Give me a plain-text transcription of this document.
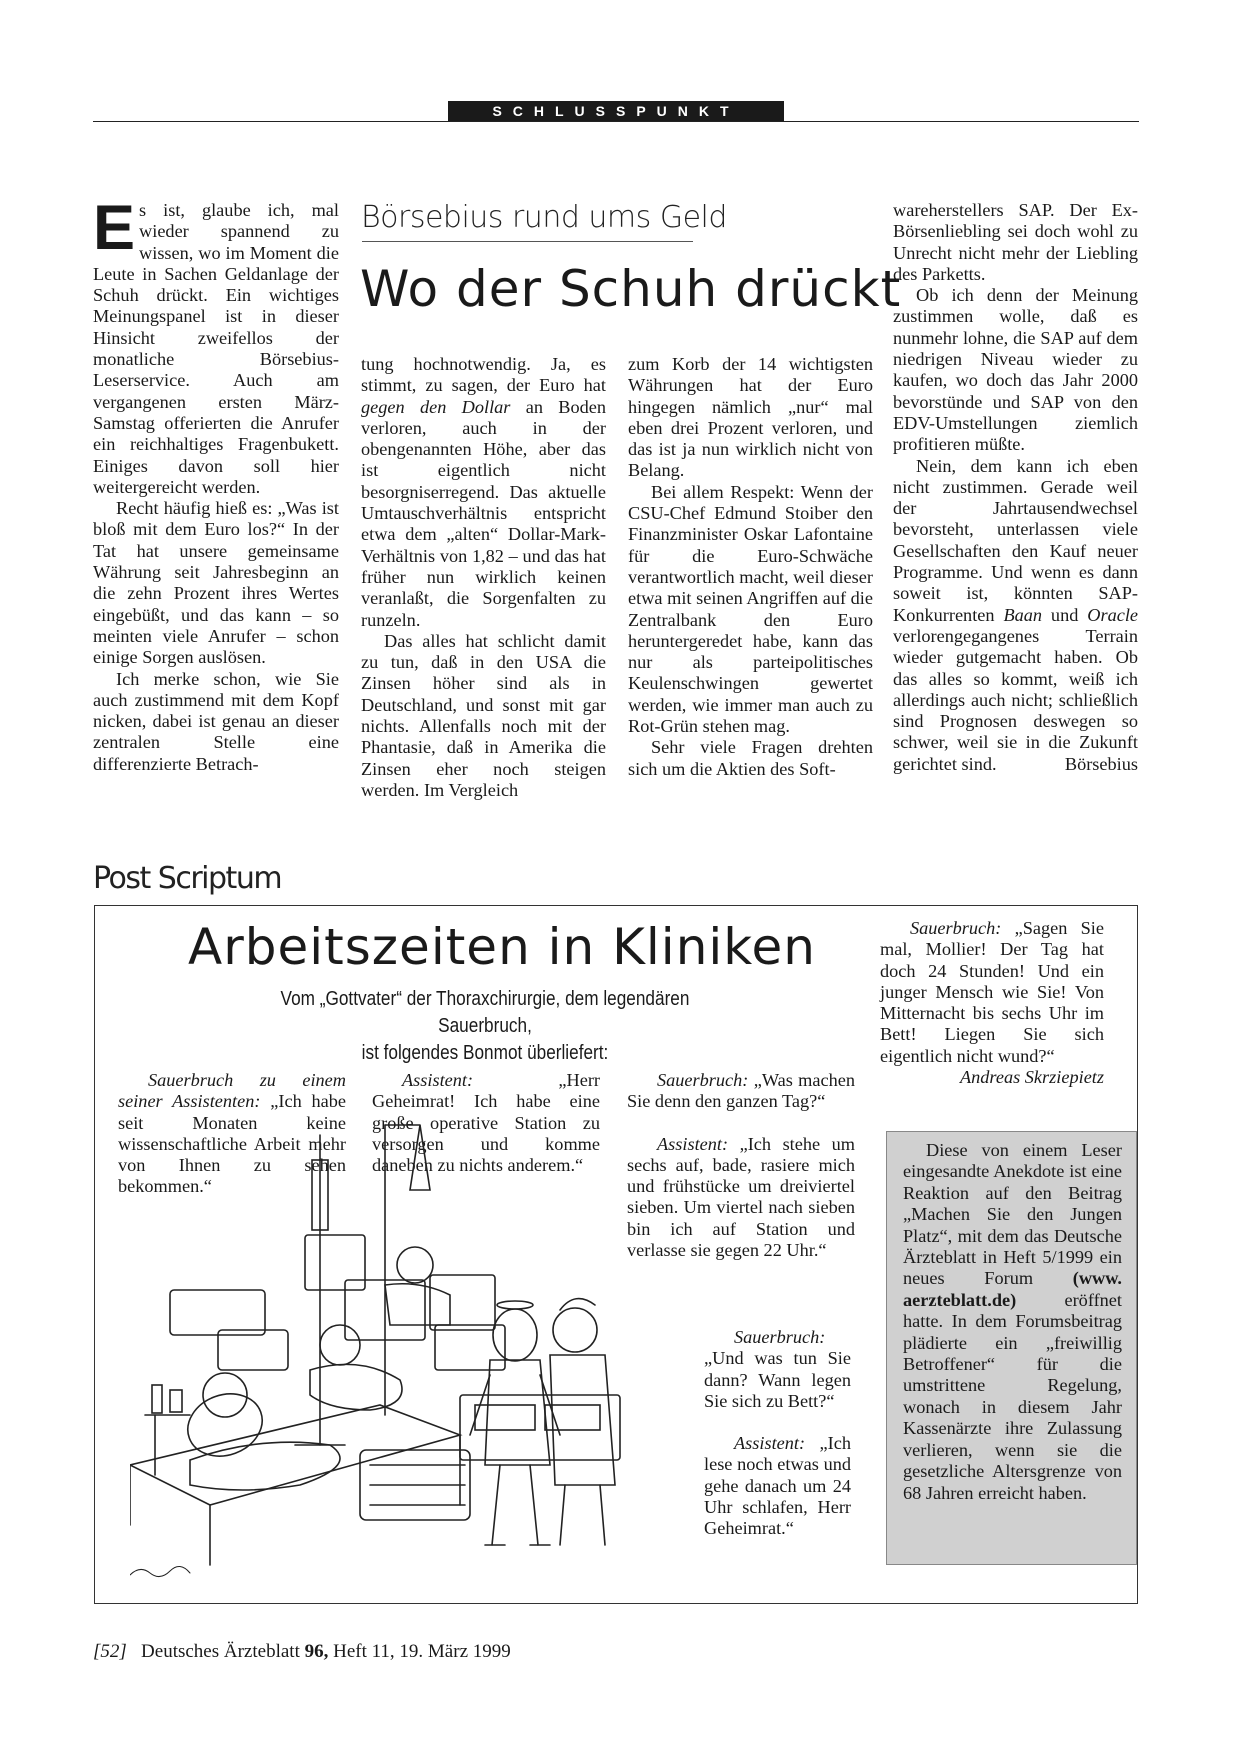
SCHLUSSPUNKT

Es ist, glaube ich, mal wieder spannend zu wissen, wo im Moment die Leute in Sachen Geldanlage der Schuh drückt. Ein wichtiges Meinungspanel ist in dieser Hinsicht zweifellos der monatliche Börsebius-Leserservice. Auch am vergangenen ersten März-Samstag offerierten die Anrufer ein reichhaltiges Fragenbukett. Einiges davon soll hier weitergereicht werden.

Recht häufig hieß es: „Was ist bloß mit dem Euro los?“ In der Tat hat unsere gemeinsame Währung seit Jahresbeginn an die zehn Prozent ihres Wertes eingebüßt, und das kann – so meinten viele Anrufer – schon einige Sorgen auslösen.

Ich merke schon, wie Sie auch zustimmend mit dem Kopf nicken, dabei ist genau an dieser zentralen Stelle eine differenzierte Betrach-

Börsebius rund ums Geld
Wo der Schuh drückt

tung hochnotwendig. Ja, es stimmt, zu sagen, der Euro hat gegen den Dollar an Boden verloren, auch in der obengenannten Höhe, aber das ist eigentlich nicht besorgniserregend. Das aktuelle Umtauschverhältnis entspricht etwa dem „alten“ Dollar-Mark-Verhältnis von 1,82 – und das hat früher nun wirklich keinen veranlaßt, die Sorgenfalten zu runzeln.

Das alles hat schlicht damit zu tun, daß in den USA die Zinsen höher sind als in Deutschland, und sonst mit gar nichts. Allenfalls noch mit der Phantasie, daß in Amerika die Zinsen eher noch steigen werden. Im Vergleich

zum Korb der 14 wichtigsten Währungen hat der Euro hingegen nämlich „nur“ mal eben drei Prozent verloren, und das ist ja nun wirklich nicht von Belang.

Bei allem Respekt: Wenn der CSU-Chef Edmund Stoiber den Finanzminister Oskar Lafontaine für die Euro-Schwäche verantwortlich macht, weil dieser etwa mit seinen Angriffen auf die Zentralbank den Euro heruntergeredet habe, kann das nur als parteipolitisches Keulenschwingen gewertet werden, wie immer man auch zu Rot-Grün stehen mag.

Sehr viele Fragen drehten sich um die Aktien des Soft-

wareherstellers SAP. Der Ex-Börsenliebling sei doch wohl zu Unrecht nicht mehr der Liebling des Parketts.

Ob ich denn der Meinung zustimmen wolle, daß es nunmehr lohne, die SAP auf dem niedrigen Niveau wieder zu kaufen, wo doch das Jahr 2000 bevorstünde und SAP von den EDV-Umstellungen ziemlich profitieren müßte.

Nein, dem kann ich eben nicht zustimmen. Gerade weil der Jahrtausendwechsel bevorsteht, unterlassen viele Gesellschaften den Kauf neuer Programme. Und wenn es dann soweit ist, könnten SAP-Konkurrenten Baan und Oracle verlorengegangenes Terrain wieder gutgemacht haben. Ob das alles so kommt, weiß ich allerdings auch nicht; schließlich sind Prognosen deswegen so schwer, weil sie in die Zukunft gerichtet sind.	Börsebius

Post Scriptum
Arbeitszeiten in Kliniken
Vom „Gottvater“ der Thoraxchirurgie, dem legendären Sauerbruch,
ist folgendes Bonmot überliefert:

Sauerbruch zu einem seiner Assistenten: „Ich habe seit Monaten keine wissenschaftliche Arbeit mehr von Ihnen zu sehen bekommen.“

Assistent: „Herr Geheimrat! Ich habe eine große operative Station zu versorgen und komme daneben zu nichts anderem.“

Sauerbruch: „Was machen Sie denn den ganzen Tag?“

Assistent: „Ich stehe um sechs auf, bade, rasiere mich und frühstücke um dreiviertel sieben. Um viertel nach sieben bin ich auf Station und verlasse sie gegen 22 Uhr.“

Sauerbruch:

„Und was tun Sie dann? Wann legen Sie sich zu Bett?“

Assistent: „Ich lese noch etwas und gehe danach um 24 Uhr schlafen, Herr Geheimrat.“

Sauerbruch: „Sagen Sie mal, Mollier! Der Tag hat doch 24 Stunden! Und ein junger Mensch wie Sie! Von Mitternacht bis sechs Uhr im Bett! Liegen Sie sich eigentlich nicht wund?“

Andreas Skrziepietz

Diese von einem Leser eingesandte Anekdote ist eine Reaktion auf den Beitrag „Machen Sie den Jungen Platz“, mit dem das Deutsche Ärzteblatt in Heft 5/1999 ein neues Forum (www. aerzteblatt.de) eröffnet hatte. In dem Forumsbeitrag plädierte ein „freiwillig Betroffener“ für die umstrittene Regelung, wonach in diesem Jahr Kassenärzte ihre Zulassung verlieren, wenn sie die gesetzliche Altersgrenze von 68 Jahren erreicht haben.

[52] Deutsches Ärzteblatt 96, Heft 11, 19. März 1999
